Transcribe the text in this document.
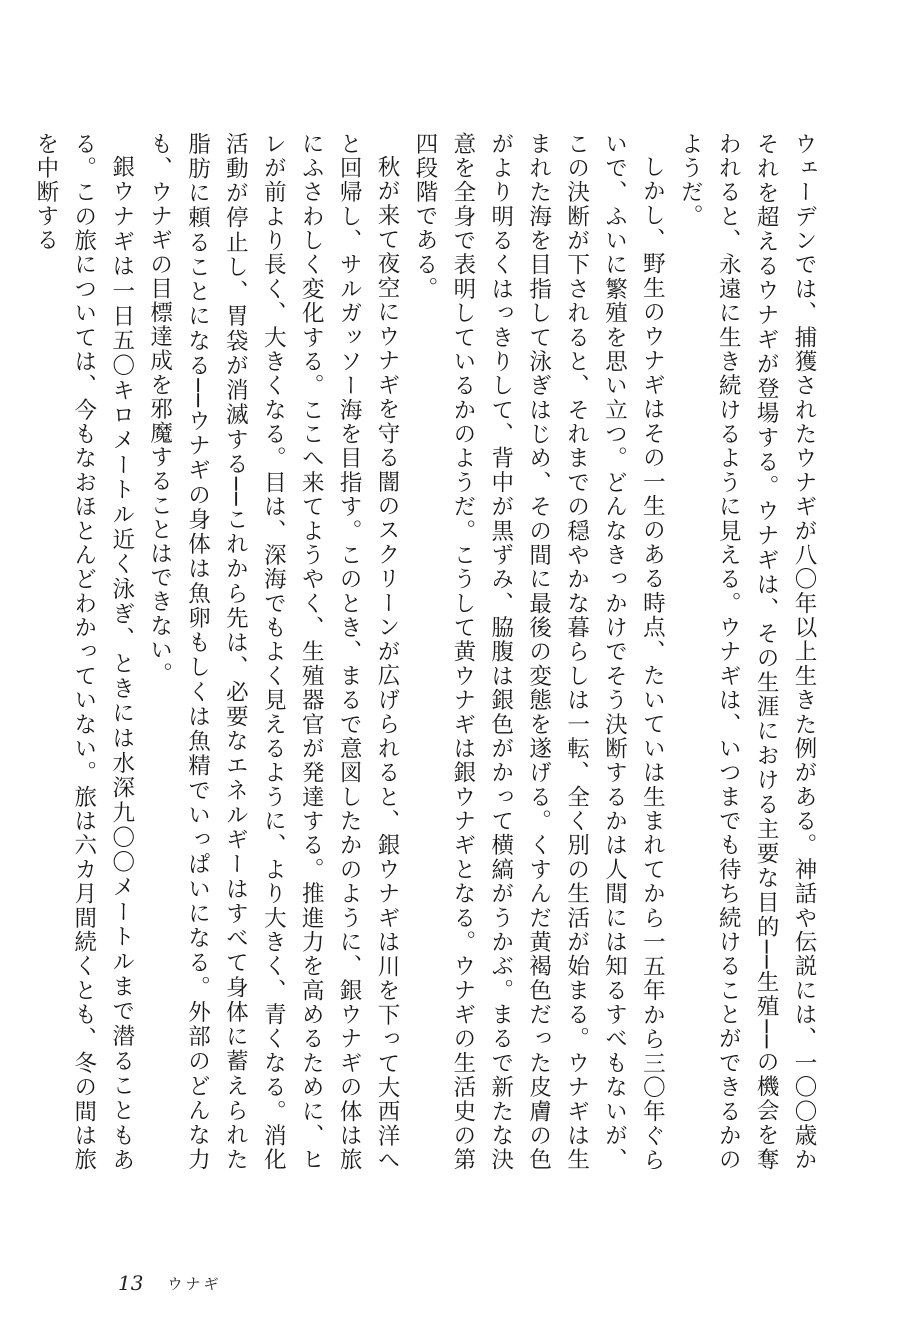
ウェーデンでは、捕獲されたウナギが八〇年以上生きた例がある。神話や伝説には、一〇〇歳かそれを超えるウナギが登場する。ウナギは、その生涯における主要な目的──生殖──の機会を奪われると、永遠に生き続けるように見える。ウナギは、いつまでも待ち続けることができるかのようだ。

しかし、野生のウナギはその一生のある時点、たいていは生まれてから一五年から三〇年ぐらいで、ふいに繁殖を思い立つ。どんなきっかけでそう決断するかは人間には知るすべもないが、この決断が下されると、それまでの穏やかな暮らしは一転、全く別の生活が始まる。ウナギは生まれた海を目指して泳ぎはじめ、その間に最後の変態を遂げる。くすんだ黄褐色だった皮膚の色がより明るくはっきりして、背中が黒ずみ、脇腹は銀色がかって横縞がうかぶ。まるで新たな決意を全身で表明しているかのようだ。こうして黄ウナギは銀ウナギとなる。ウナギの生活史の第四段階である。

秋が来て夜空にウナギを守る闇のスクリーンが広げられると、銀ウナギは川を下って大西洋へと回帰し、サルガッソー海を目指す。このとき、まるで意図したかのように、銀ウナギの体は旅にふさわしく変化する。ここへ来てようやく、生殖器官が発達する。推進力を高めるために、ヒレが前より長く、大きくなる。目は、深海でもよく見えるように、より大きく、青くなる。消化活動が停止し、胃袋が消滅する──これから先は、必要なエネルギーはすべて身体に蓄えられた脂肪に頼ることになる──ウナギの身体は魚卵もしくは魚精でいっぱいになる。外部のどんな力も、ウナギの目標達成を邪魔することはできない。

銀ウナギは一日五〇キロメートル近く泳ぎ、ときには水深九〇〇メートルまで潜ることもある。この旅については、今もなおほとんどわかっていない。旅は六カ月間続くとも、冬の間は旅を中断する

13 ウナギ
